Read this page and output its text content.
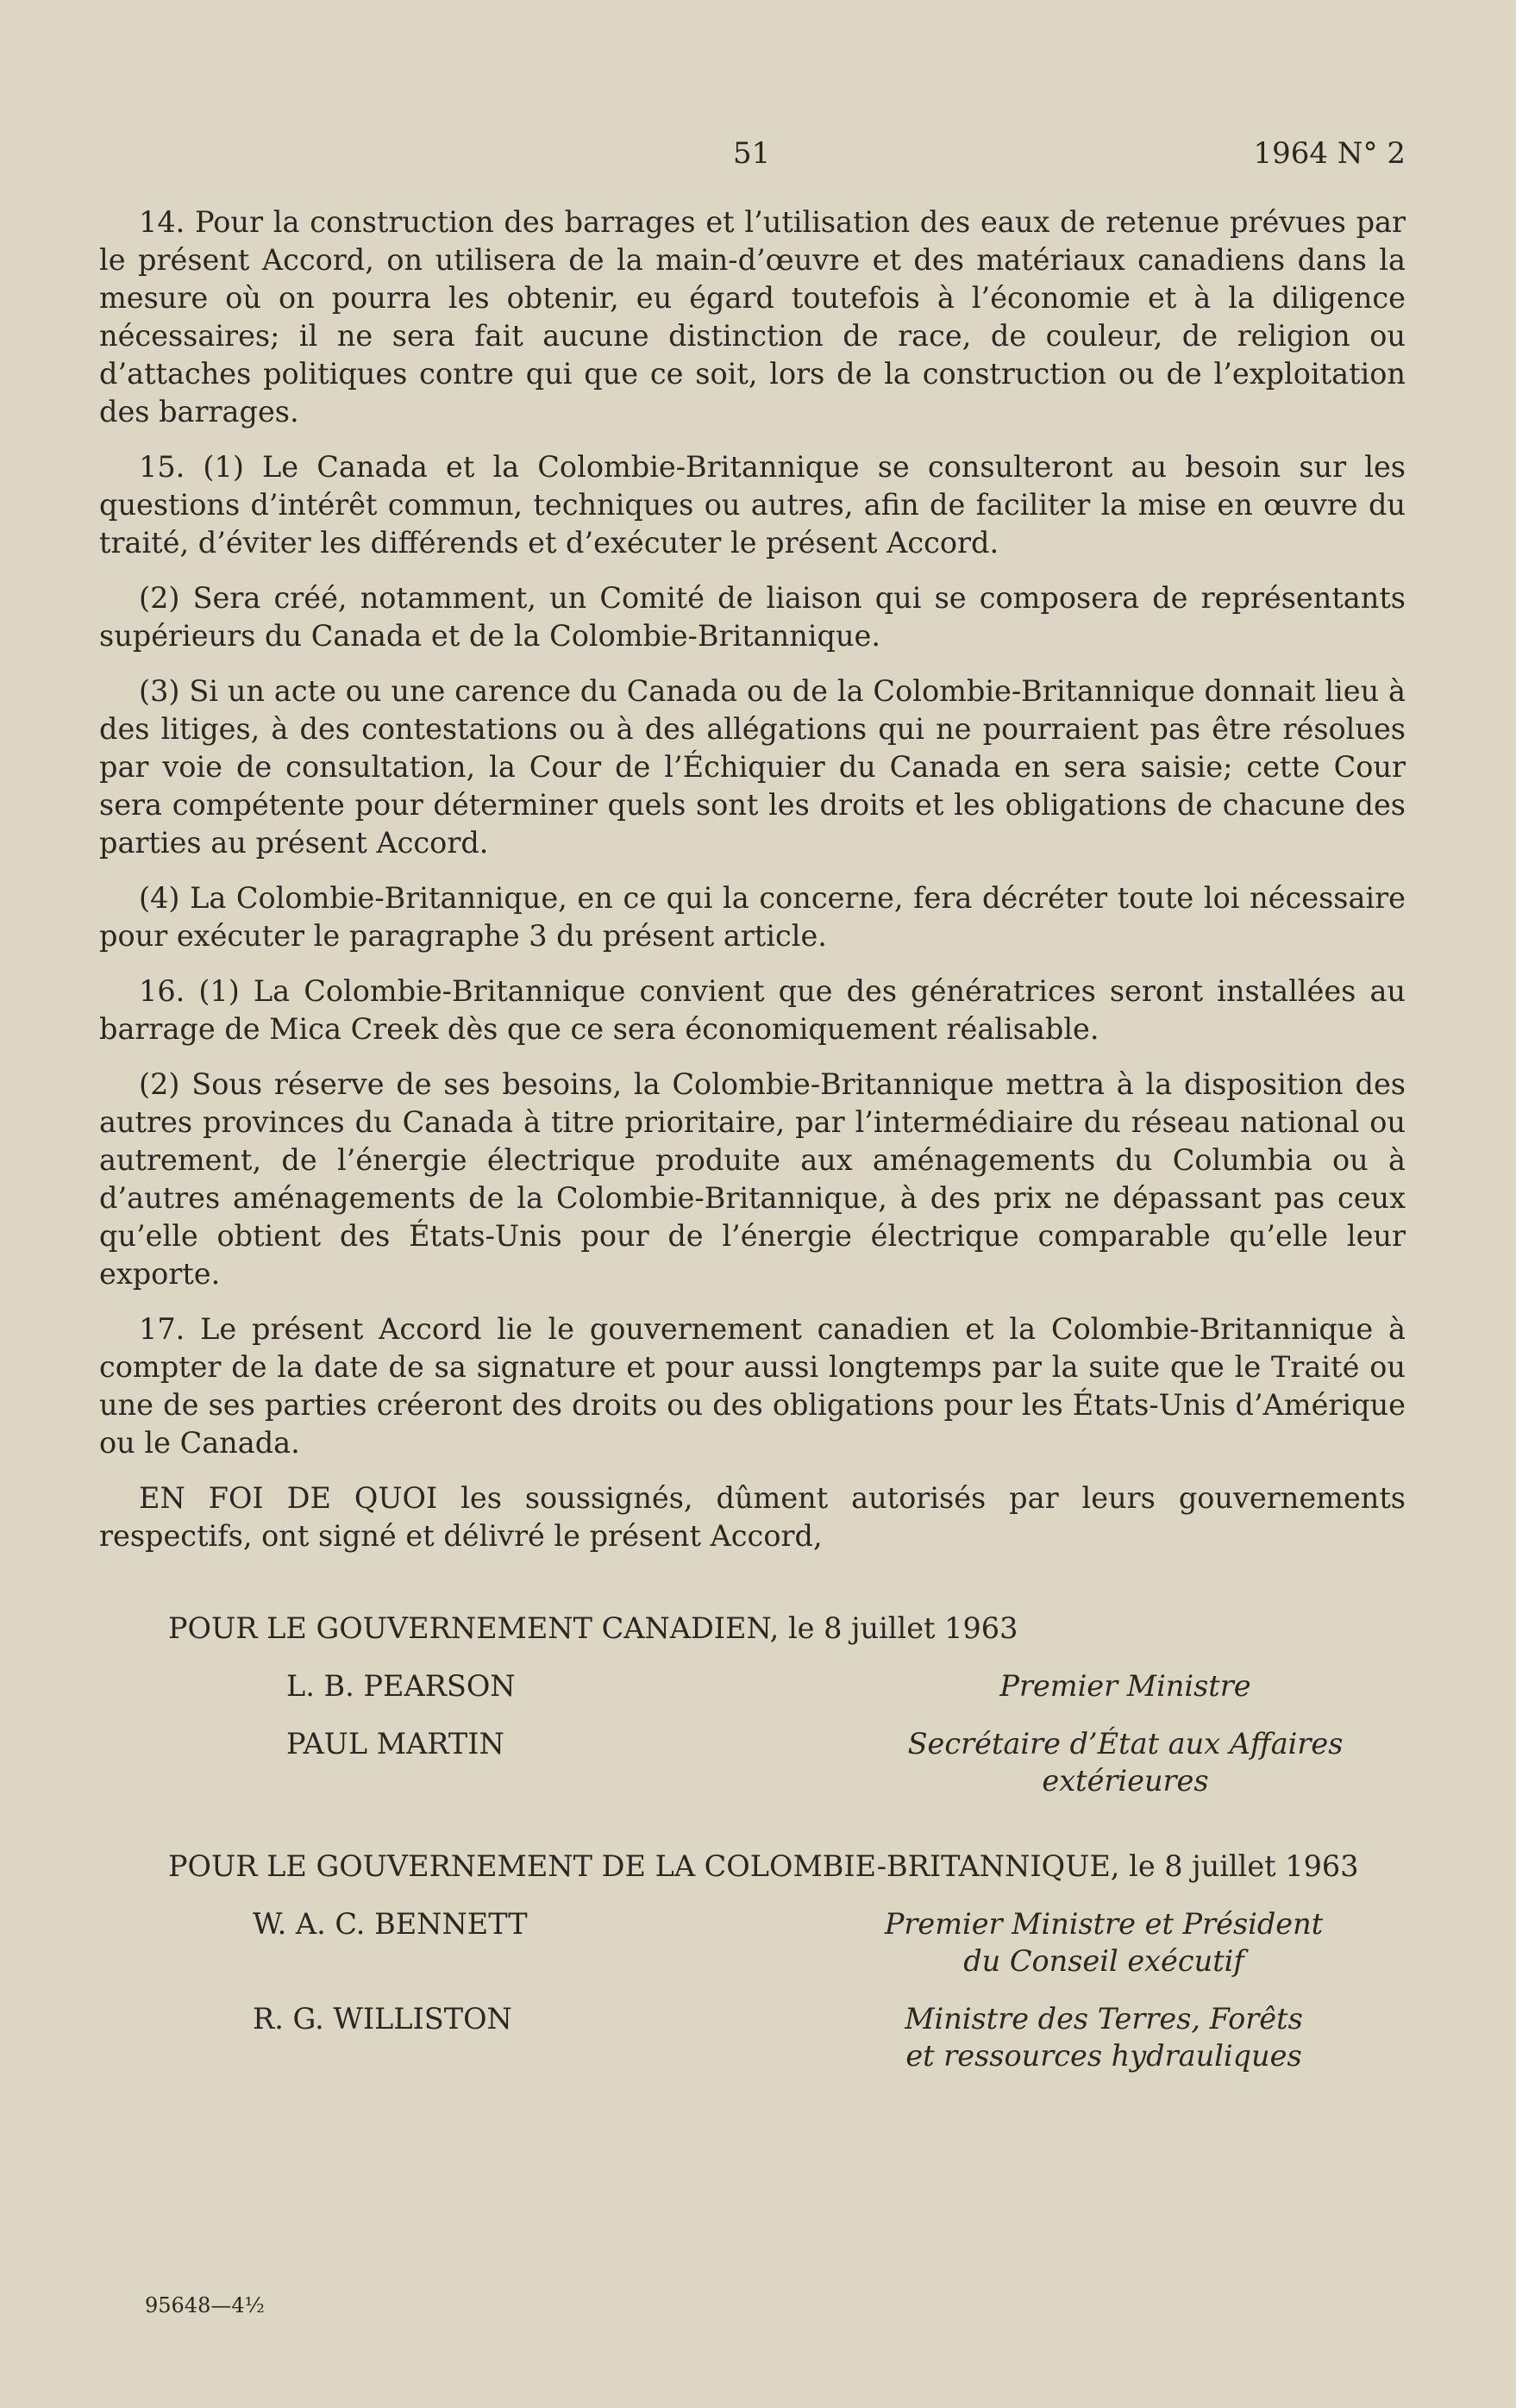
51	1964 N° 2

14. Pour la construction des barrages et l’utilisation des eaux de retenue prévues par le présent Accord, on utilisera de la main-d’œuvre et des matériaux canadiens dans la mesure où on pourra les obtenir, eu égard toutefois à l’économie et à la diligence nécessaires; il ne sera fait aucune distinction de race, de couleur, de religion ou d’attaches politiques contre qui que ce soit, lors de la construction ou de l’exploitation des barrages.

15. (1) Le Canada et la Colombie-Britannique se consulteront au besoin sur les questions d’intérêt commun, techniques ou autres, afin de faciliter la mise en œuvre du traité, d’éviter les différends et d’exécuter le présent Accord.

(2) Sera créé, notamment, un Comité de liaison qui se composera de représentants supérieurs du Canada et de la Colombie-Britannique.

(3) Si un acte ou une carence du Canada ou de la Colombie-Britannique donnait lieu à des litiges, à des contestations ou à des allégations qui ne pourraient pas être résolues par voie de consultation, la Cour de l’Échiquier du Canada en sera saisie; cette Cour sera compétente pour déterminer quels sont les droits et les obligations de chacune des parties au présent Accord.

(4) La Colombie-Britannique, en ce qui la concerne, fera décréter toute loi nécessaire pour exécuter le paragraphe 3 du présent article.

16. (1) La Colombie-Britannique convient que des génératrices seront installées au barrage de Mica Creek dès que ce sera économiquement réalisable.

(2) Sous réserve de ses besoins, la Colombie-Britannique mettra à la disposition des autres provinces du Canada à titre prioritaire, par l’intermédiaire du réseau national ou autrement, de l’énergie électrique produite aux aménagements du Columbia ou à d’autres aménagements de la Colombie-Britannique, à des prix ne dépassant pas ceux qu’elle obtient des États-Unis pour de l’énergie électrique comparable qu’elle leur exporte.

17. Le présent Accord lie le gouvernement canadien et la Colombie-Britannique à compter de la date de sa signature et pour aussi longtemps par la suite que le Traité ou une de ses parties créeront des droits ou des obligations pour les États-Unis d’Amérique ou le Canada.

EN FOI DE QUOI les soussignés, dûment autorisés par leurs gouvernements respectifs, ont signé et délivré le présent Accord,

POUR LE GOUVERNEMENT CANADIEN, le 8 juillet 1963
L. B. PEARSON	Premier Ministre
PAUL MARTIN	Secrétaire d’État aux Affaires
extérieures
POUR LE GOUVERNEMENT DE LA COLOMBIE-BRITANNIQUE, le 8 juillet 1963
W. A. C. BENNETT	Premier Ministre et Président
du Conseil exécutif
R. G. WILLISTON	Ministre des Terres, Forêts
et ressources hydrauliques
95648—4½
